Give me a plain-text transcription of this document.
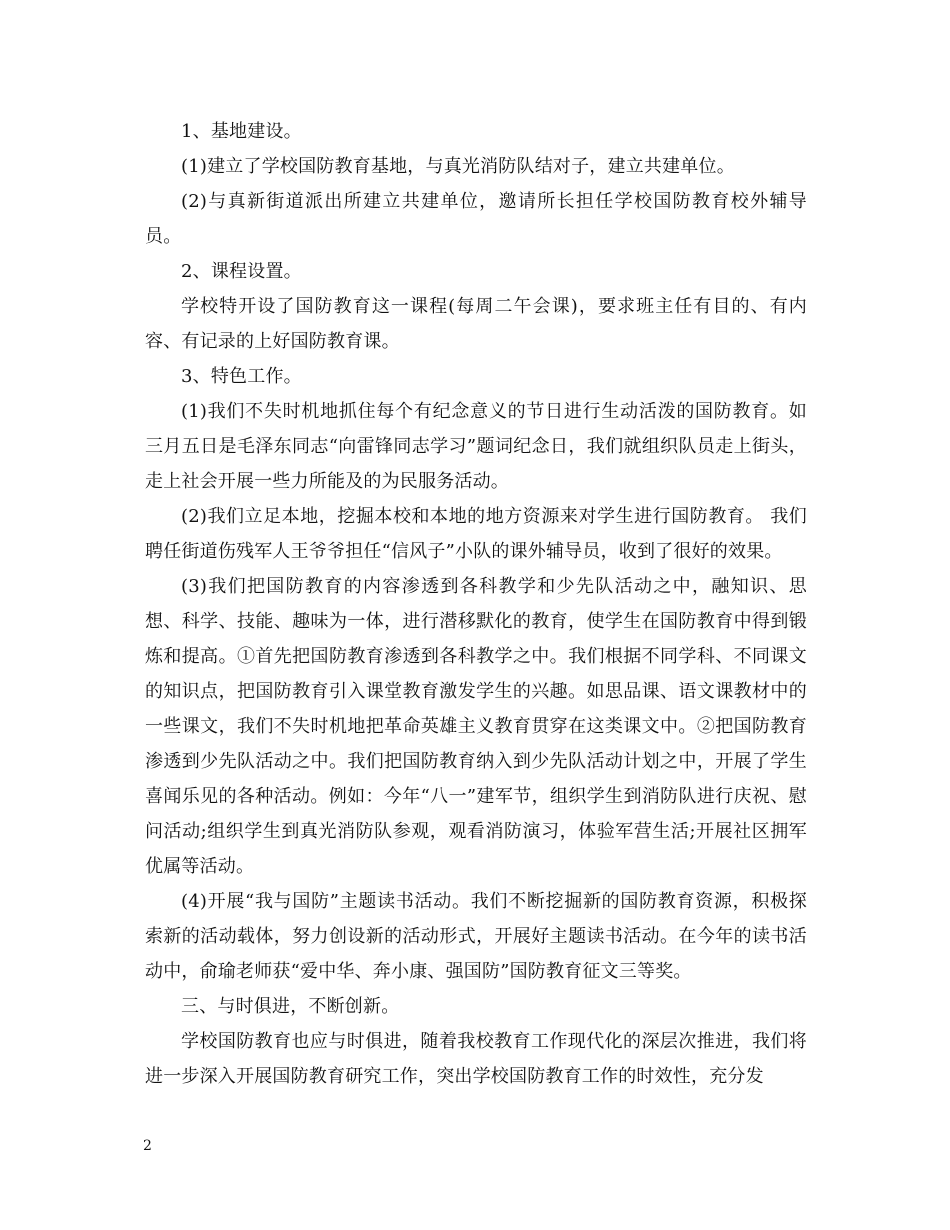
1、基地建设。

(1)建立了学校国防教育基地，与真光消防队结对子，建立共建单位。

(2)与真新街道派出所建立共建单位，邀请所长担任学校国防教育校外辅导员。

2、课程设置。

学校特开设了国防教育这一课程(每周二午会课)，要求班主任有目的、有内容、有记录的上好国防教育课。

3、特色工作。

(1)我们不失时机地抓住每个有纪念意义的节日进行生动活泼的国防教育。如三月五日是毛泽东同志“向雷锋同志学习”题词纪念日，我们就组织队员走上街头，走上社会开展一些力所能及的为民服务活动。

(2)我们立足本地，挖掘本校和本地的地方资源来对学生进行国防教育。 我们聘任街道伤残军人王爷爷担任“信风子”小队的课外辅导员，收到了很好的效果。

(3)我们把国防教育的内容渗透到各科教学和少先队活动之中，融知识、思想、科学、技能、趣味为一体，进行潜移默化的教育，使学生在国防教育中得到锻炼和提高。①首先把国防教育渗透到各科教学之中。我们根据不同学科、不同课文的知识点，把国防教育引入课堂教育激发学生的兴趣。如思品课、语文课教材中的一些课文，我们不失时机地把革命英雄主义教育贯穿在这类课文中。②把国防教育渗透到少先队活动之中。我们把国防教育纳入到少先队活动计划之中，开展了学生喜闻乐见的各种活动。例如：今年“八一”建军节，组织学生到消防队进行庆祝、慰问活动;组织学生到真光消防队参观，观看消防演习，体验军营生活;开展社区拥军优属等活动。

(4)开展“我与国防”主题读书活动。我们不断挖掘新的国防教育资源，积极探索新的活动载体，努力创设新的活动形式，开展好主题读书活动。在今年的读书活动中，俞瑜老师获“爱中华、奔小康、强国防”国防教育征文三等奖。

三、与时俱进，不断创新。

学校国防教育也应与时俱进，随着我校教育工作现代化的深层次推进，我们将进一步深入开展国防教育研究工作，突出学校国防教育工作的时效性，充分发

2
